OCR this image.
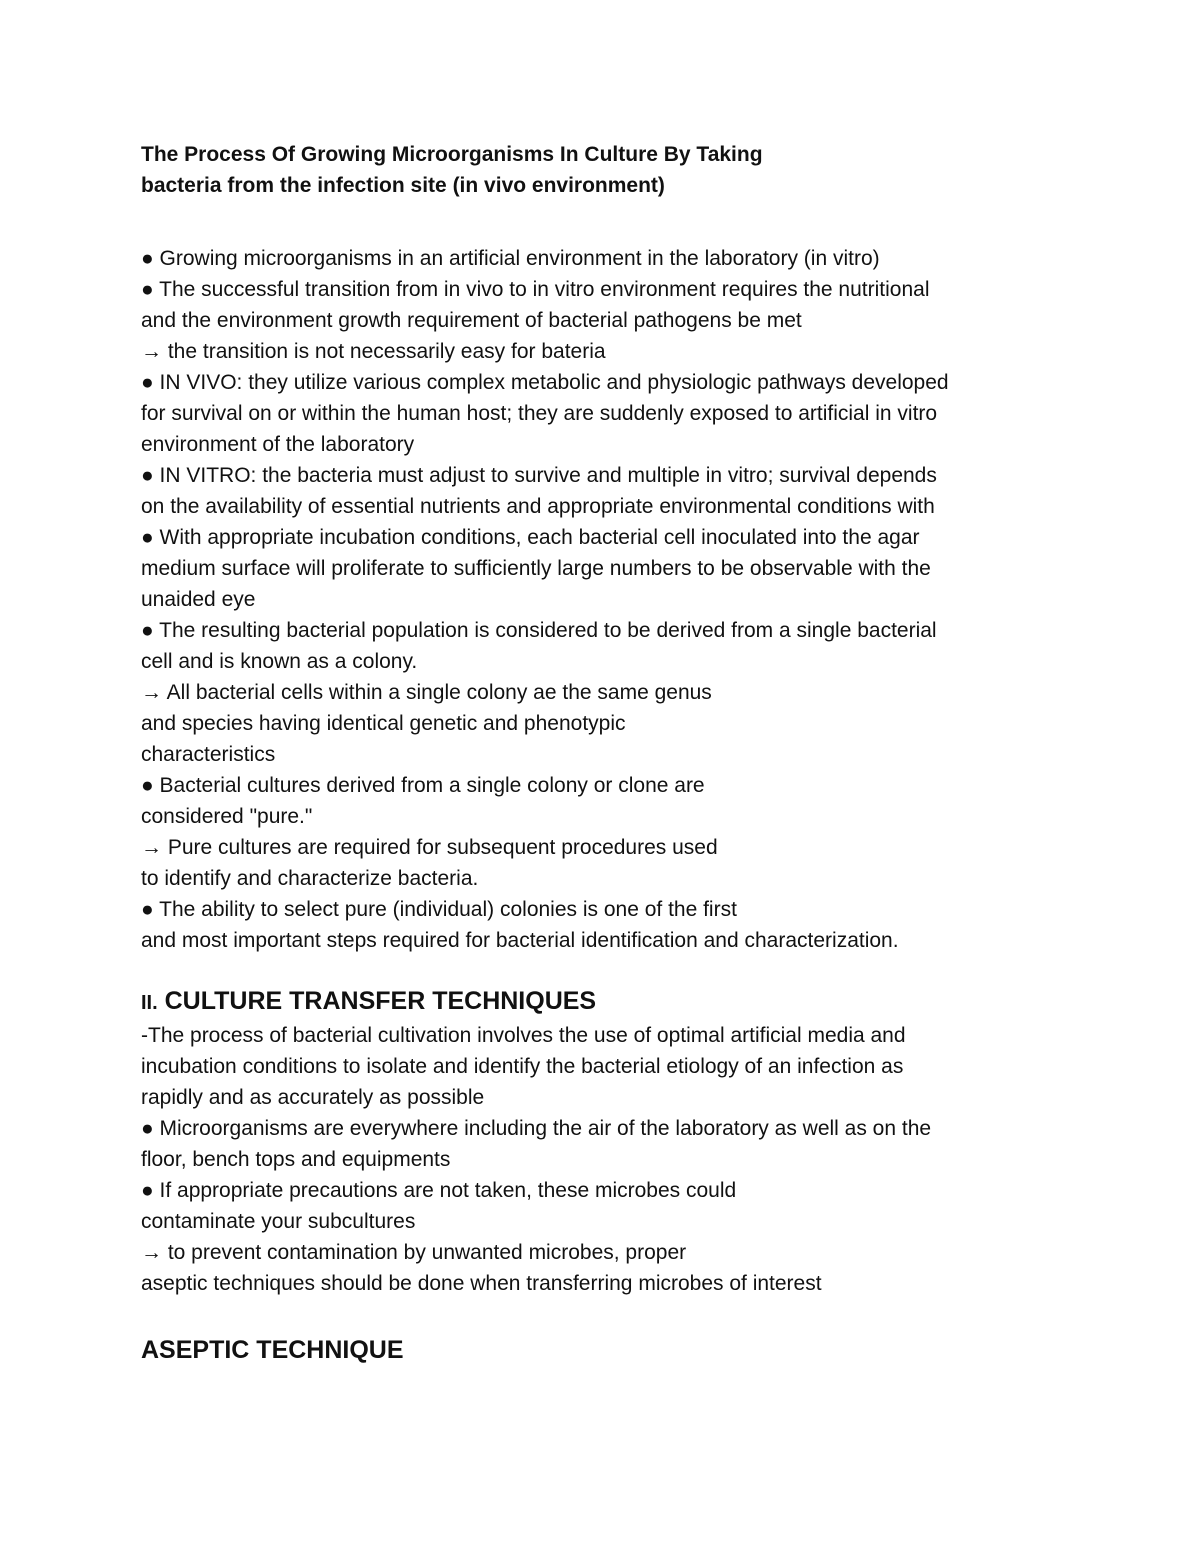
The Process Of Growing Microorganisms In Culture By Taking
bacteria from the infection site (in vivo environment)

● Growing microorganisms in an artificial environment in the laboratory (in vitro)

● The successful transition from in vivo to in vitro environment requires the nutritional
and the environment growth requirement of bacterial pathogens be met

→ the transition is not necessarily easy for bateria

● IN VIVO: they utilize various complex metabolic and physiologic pathways developed
for survival on or within the human host; they are suddenly exposed to artificial in vitro
environment of the laboratory

● IN VITRO: the bacteria must adjust to survive and multiple in vitro; survival depends
on the availability of essential nutrients and appropriate environmental conditions with

● With appropriate incubation conditions, each bacterial cell inoculated into the agar
medium surface will proliferate to sufficiently large numbers to be observable with the
unaided eye

● The resulting bacterial population is considered to be derived from a single bacterial
cell and is known as a colony.

→ All bacterial cells within a single colony ae the same genus
and species having identical genetic and phenotypic
characteristics

● Bacterial cultures derived from a single colony or clone are
considered "pure."

→ Pure cultures are required for subsequent procedures used
to identify and characterize bacteria.

● The ability to select pure (individual) colonies is one of the first
and most important steps required for bacterial identification and characterization.

II. CULTURE TRANSFER TECHNIQUES

-The process of bacterial cultivation involves the use of optimal artificial media and
incubation conditions to isolate and identify the bacterial etiology of an infection as
rapidly and as accurately as possible

● Microorganisms are everywhere including the air of the laboratory as well as on the
floor, bench tops and equipments

● If appropriate precautions are not taken, these microbes could
contaminate your subcultures

→ to prevent contamination by unwanted microbes, proper
aseptic techniques should be done when transferring microbes of interest

ASEPTIC TECHNIQUE
